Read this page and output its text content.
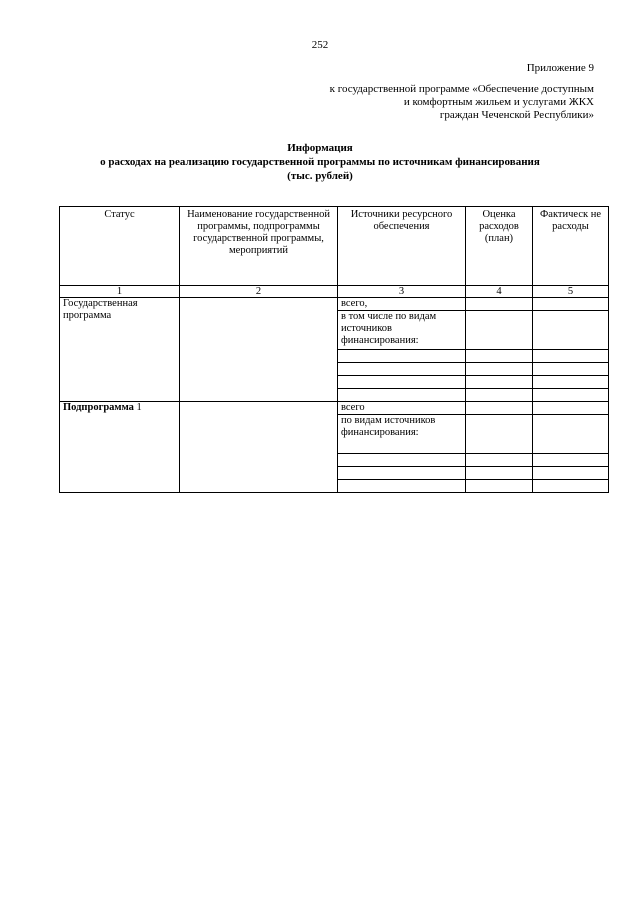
252
Приложение 9
к государственной программе «Обеспечение доступным
и комфортным жильем и услугами ЖКХ
граждан Чеченской Республики»
Информация
о расходах на реализацию государственной программы по источникам финансирования
(тыс. рублей)
Статус	Наименование государственной программы, подпрограммы государственной программы, мероприятий	Источники ресурсного обеспечения	Оценка расходов (план)	Фактическ не расходы
1	2	3	4	5
Государственная программа		всего,		
		в том числе по видам источников финансирования:		

Подпрограмма 1		всего		
		по видам источников финансирования:		
